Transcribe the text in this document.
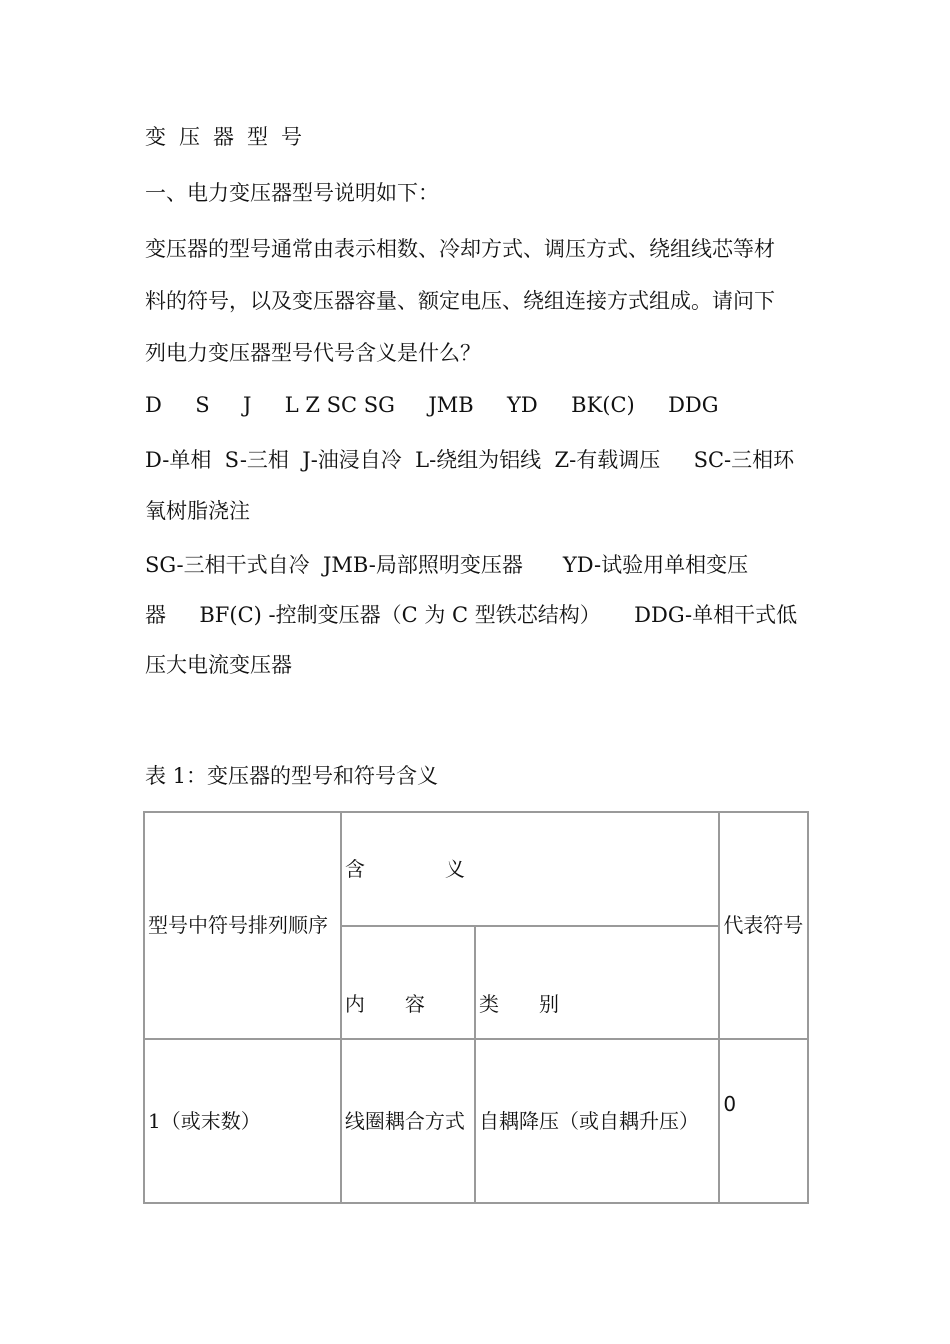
变压器型号
一、电力变压器型号说明如下：
变压器的型号通常由表示相数、冷却方式、调压方式、绕组线芯等材
料的符号，以及变压器容量、额定电压、绕组连接方式组成。请问下
列电力变压器型号代号含义是什么？
D     S     J     L Z SC SG     JMB     YD     BK(C)     DDG
D-单相  S-三相  J-油浸自冷  L-绕组为铝线  Z-有载调压     SC-三相环
氧树脂浇注
SG-三相干式自冷  JMB-局部照明变压器      YD-试验用单相变压
器     BF(C) -控制变压器（C 为 C 型铁芯结构）     DDG-单相干式低
压大电流变压器
表 1：变压器的型号和符号含义
型号中符号排列顺序	含　　　　义		代表符号
	内　　容	类　　别	
1（或末数）	线圈耦合方式	自耦降压（或自耦升压）	0
